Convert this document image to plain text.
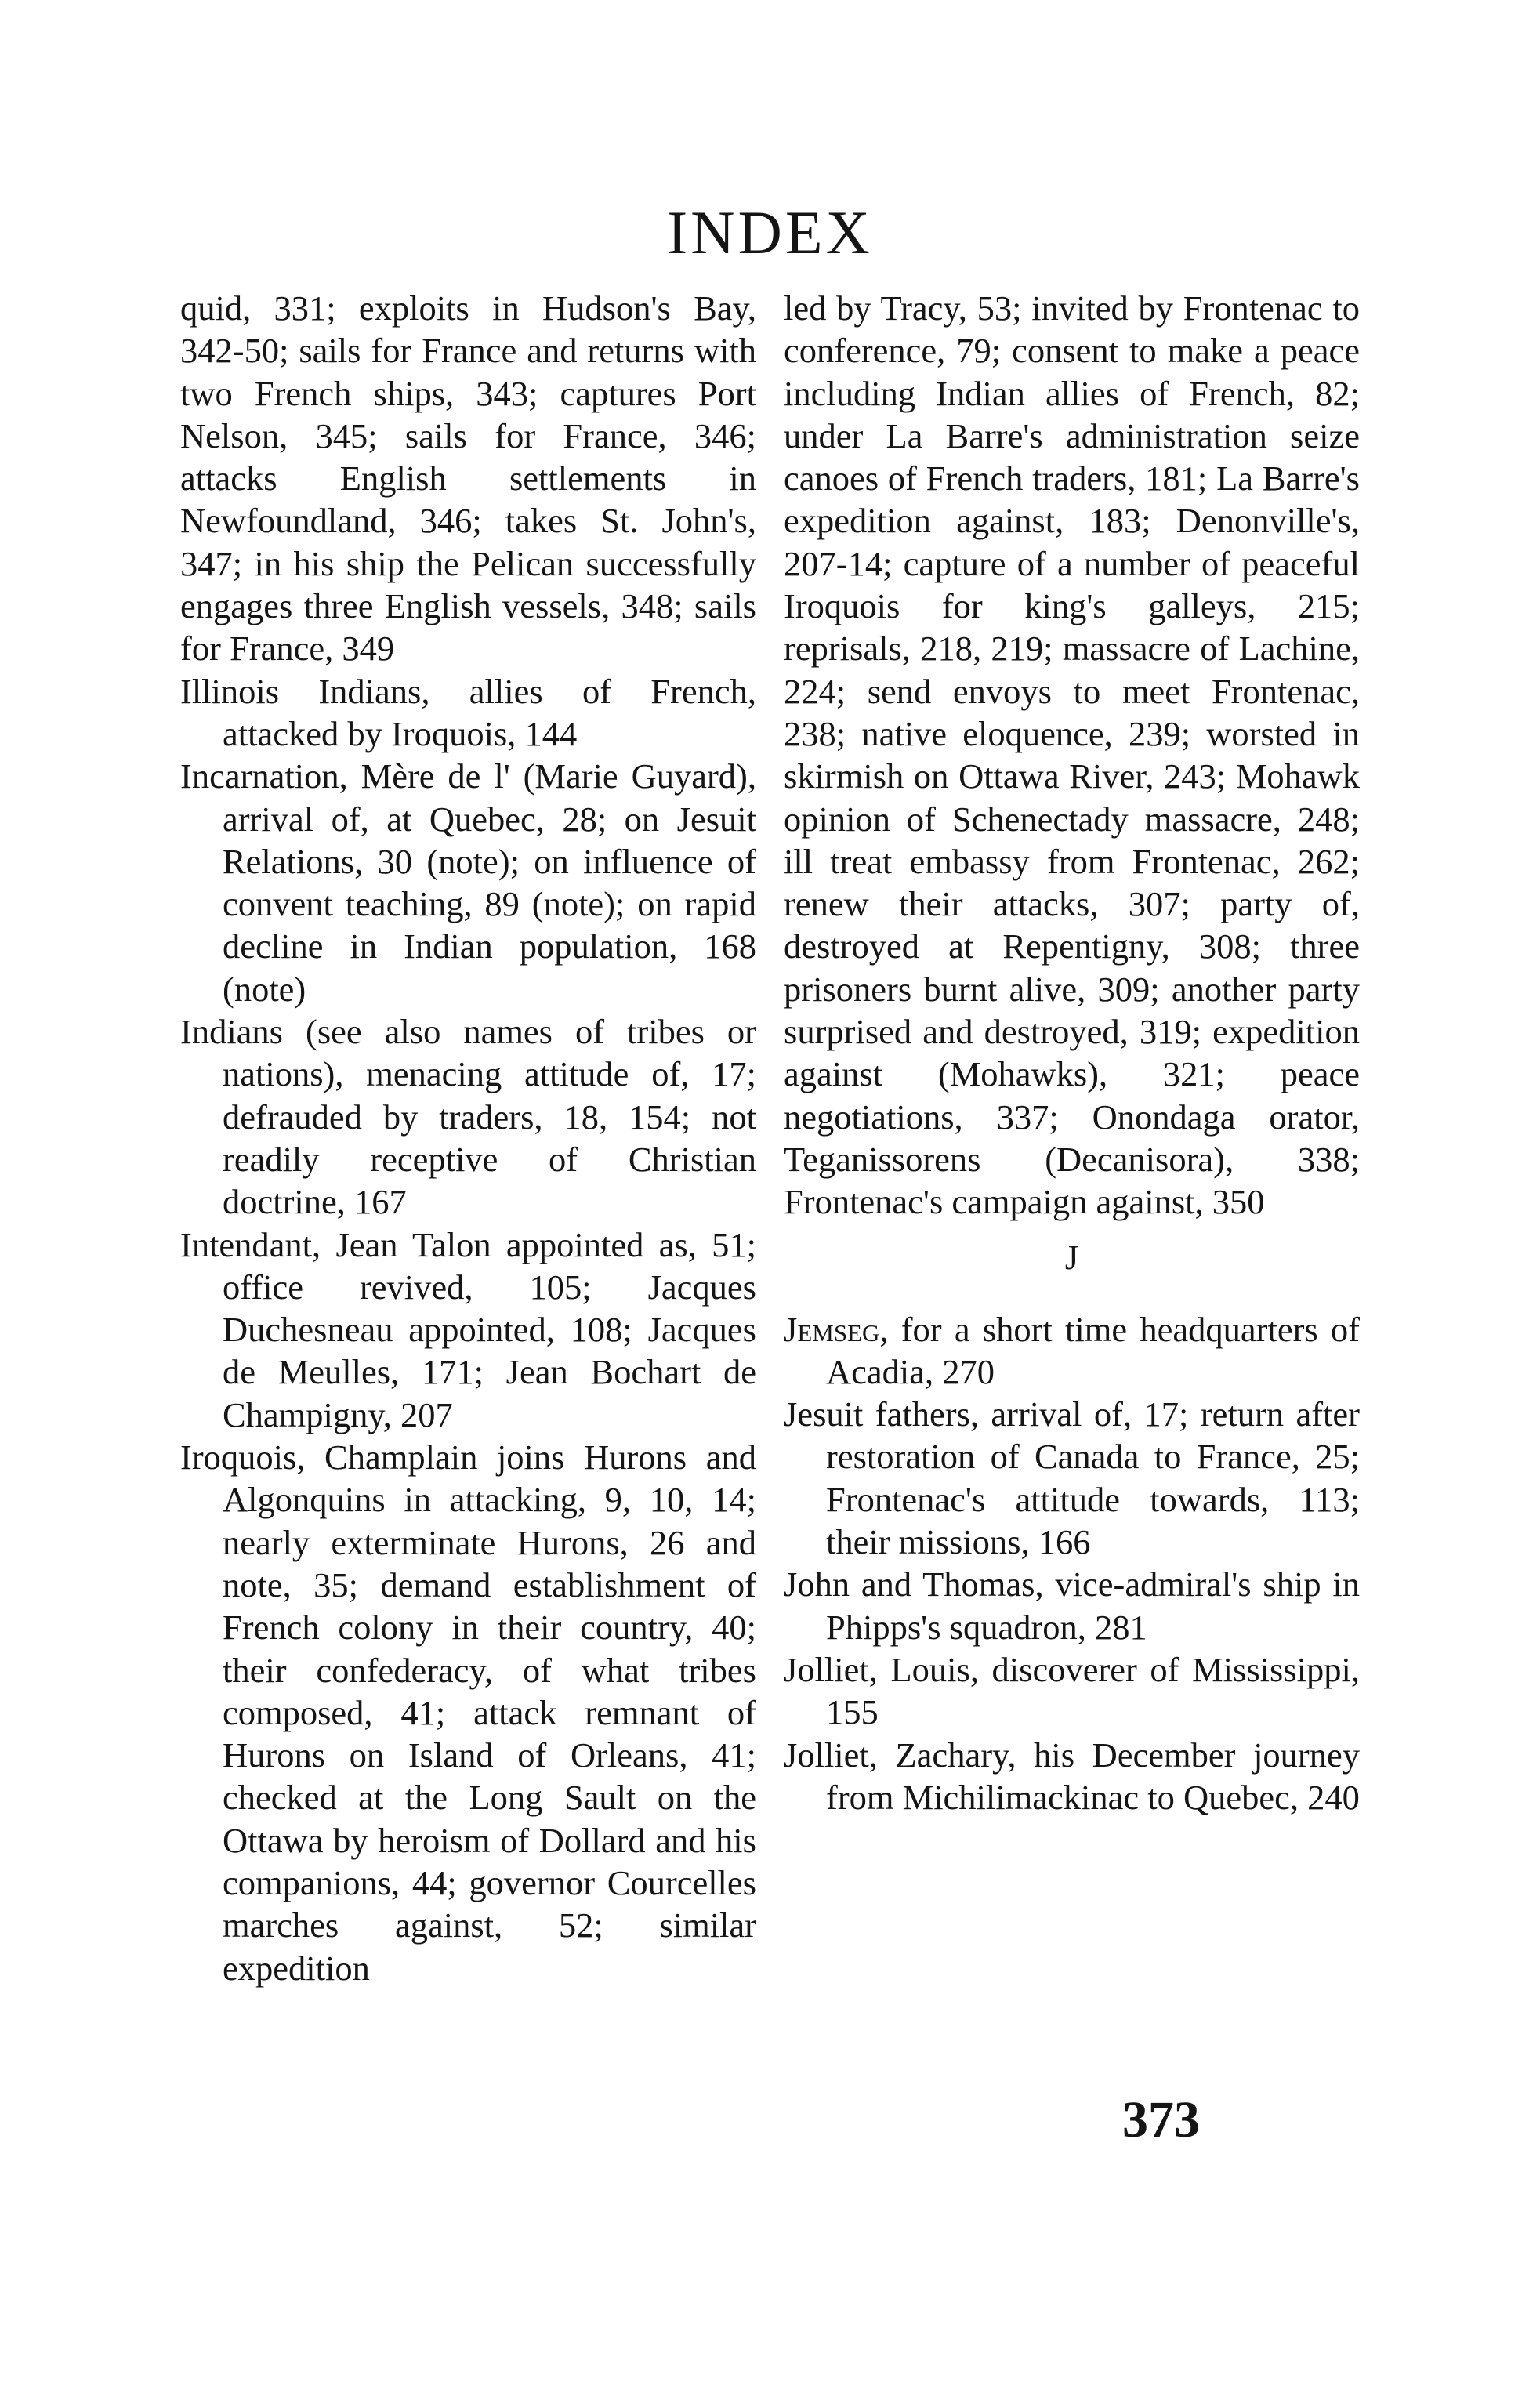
INDEX

quid, 331; exploits in Hudson's Bay, 342-50; sails for France and returns with two French ships, 343; captures Port Nelson, 345; sails for France, 346; attacks English settlements in Newfoundland, 346; takes St. John's, 347; in his ship the Pelican successfully engages three English vessels, 348; sails for France, 349

Illinois Indians, allies of French, attacked by Iroquois, 144

Incarnation, Mère de l' (Marie Guyard), arrival of, at Quebec, 28; on Jesuit Relations, 30 (note); on influence of convent teaching, 89 (note); on rapid decline in Indian population, 168 (note)

Indians (see also names of tribes or nations), menacing attitude of, 17; defrauded by traders, 18, 154; not readily receptive of Christian doctrine, 167

Intendant, Jean Talon appointed as, 51; office revived, 105; Jacques Duchesneau appointed, 108; Jacques de Meulles, 171; Jean Bochart de Champigny, 207

Iroquois, Champlain joins Hurons and Algonquins in attacking, 9, 10, 14; nearly exterminate Hurons, 26 and note, 35; demand establishment of French colony in their country, 40; their confederacy, of what tribes composed, 41; attack remnant of Hurons on Island of Orleans, 41; checked at the Long Sault on the Ottawa by heroism of Dollard and his companions, 44; governor Courcelles marches against, 52; similar expedition

led by Tracy, 53; invited by Frontenac to conference, 79; consent to make a peace including Indian allies of French, 82; under La Barre's administration seize canoes of French traders, 181; La Barre's expedition against, 183; Denonville's, 207-14; capture of a number of peaceful Iroquois for king's galleys, 215; reprisals, 218, 219; massacre of Lachine, 224; send envoys to meet Frontenac, 238; native eloquence, 239; worsted in skirmish on Ottawa River, 243; Mohawk opinion of Schenectady massacre, 248; ill treat embassy from Frontenac, 262; renew their attacks, 307; party of, destroyed at Repentigny, 308; three prisoners burnt alive, 309; another party surprised and destroyed, 319; expedition against (Mohawks), 321; peace negotiations, 337; Onondaga orator, Teganissorens (Decanisora), 338; Frontenac's campaign against, 350

J

Jemseg, for a short time headquarters of Acadia, 270

Jesuit fathers, arrival of, 17; return after restoration of Canada to France, 25; Frontenac's attitude towards, 113; their missions, 166

John and Thomas, vice-admiral's ship in Phipps's squadron, 281

Jolliet, Louis, discoverer of Mississippi, 155

Jolliet, Zachary, his December journey from Michilimackinac to Quebec, 240

373
